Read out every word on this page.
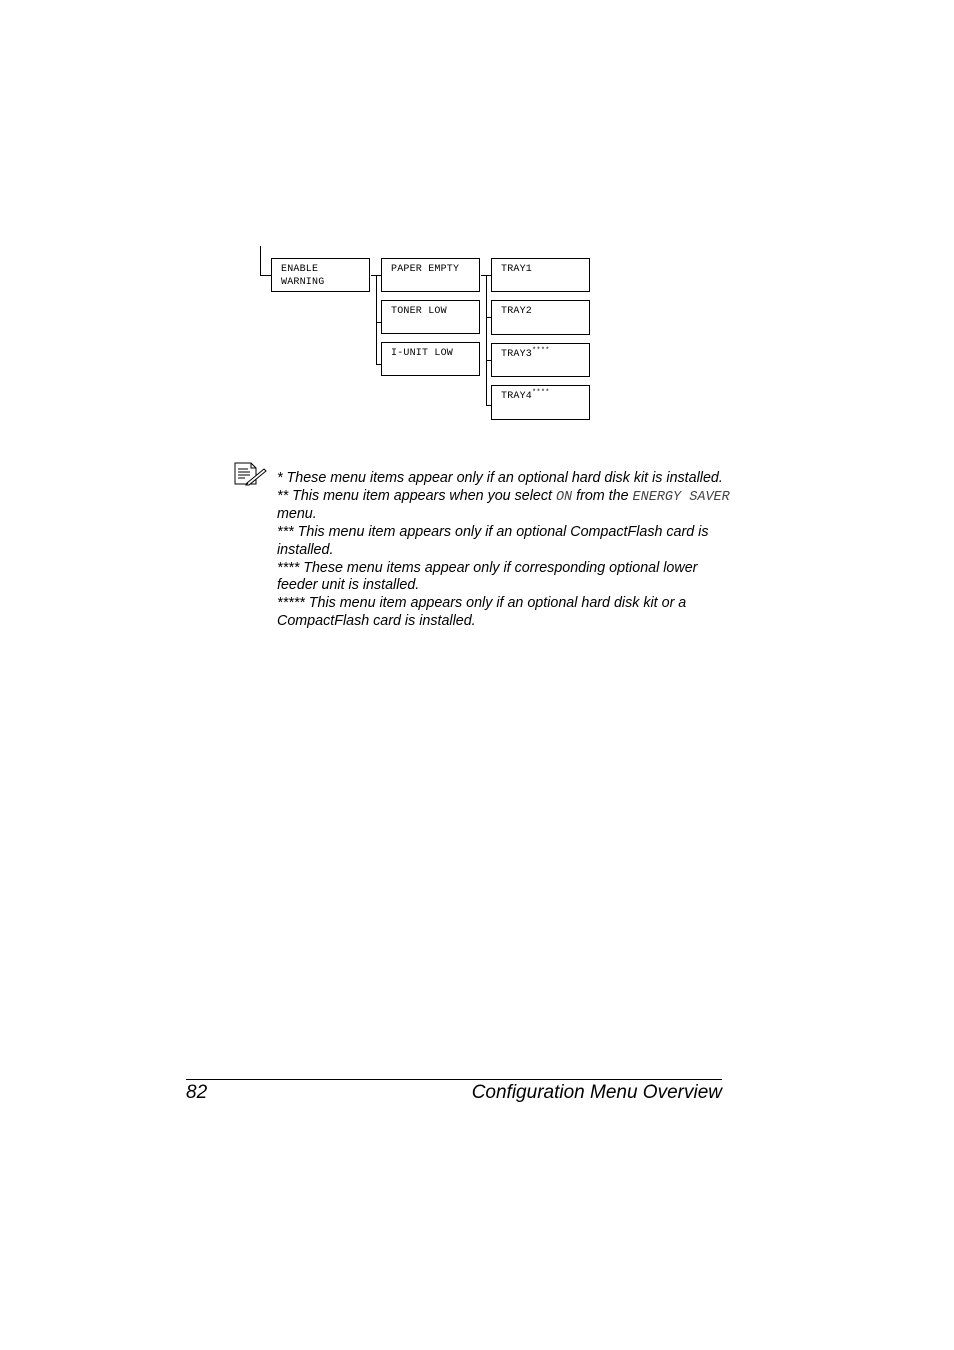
ENABLE
WARNING
PAPER EMPTY
TONER LOW
I-UNIT LOW
TRAY1
TRAY2
TRAY3****
TRAY4****

* These menu items appear only if an optional hard disk kit is installed.

** This menu item appears when you select ON from the ENERGY SAVER menu.

*** This menu item appears only if an optional CompactFlash card is installed.

**** These menu items appear only if corresponding optional lower feeder unit is installed.

***** This menu item appears only if an optional hard disk kit or a CompactFlash card is installed.

82	Configuration Menu Overview
